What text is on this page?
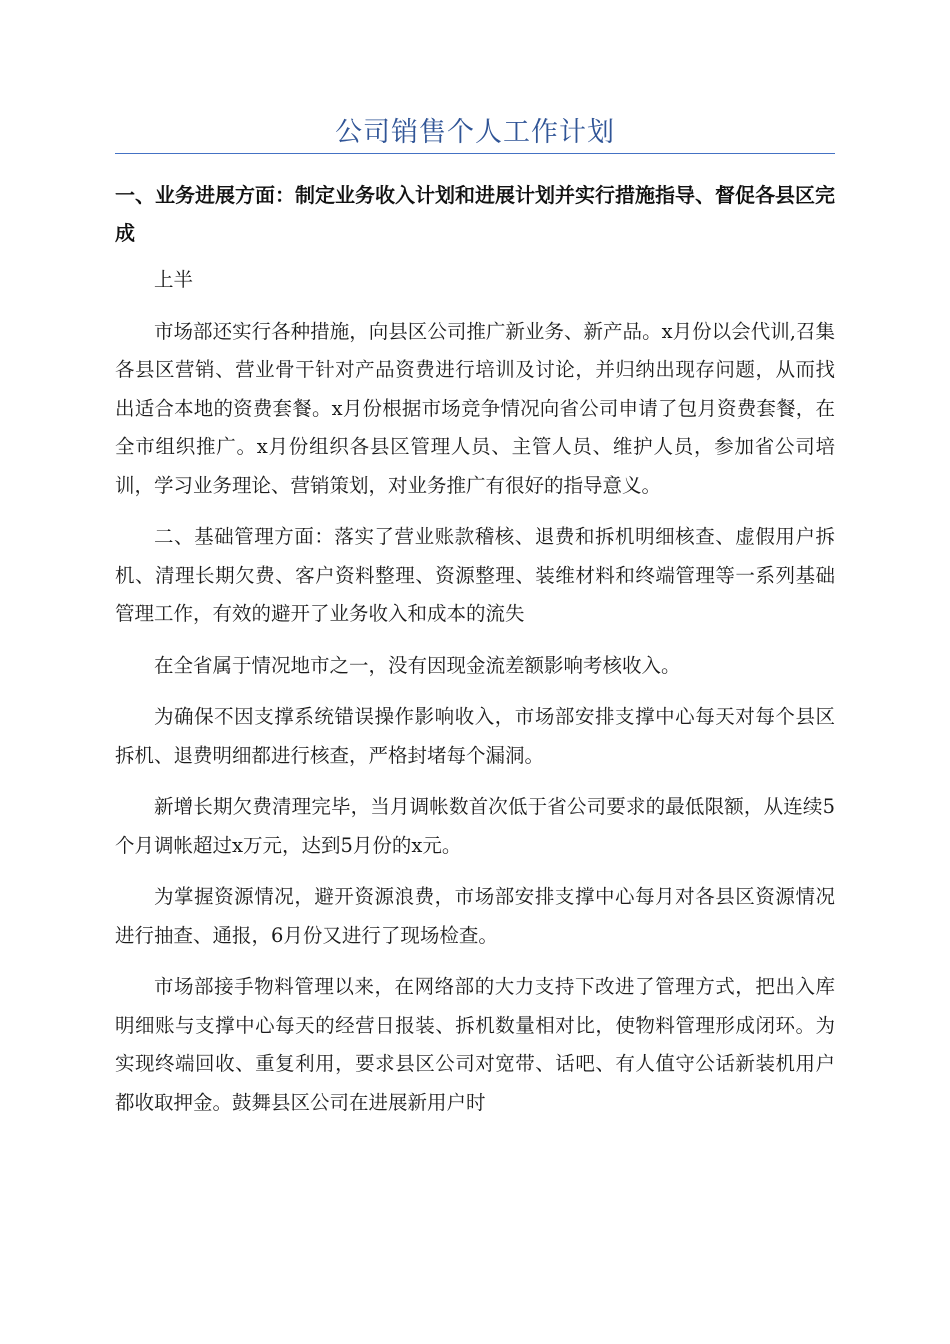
公司销售个人工作计划

一、业务进展方面：制定业务收入计划和进展计划并实行措施指导、督促各县区完成

上半

市场部还实行各种措施，向县区公司推广新业务、新产品。x月份以会代训,召集各县区营销、营业骨干针对产品资费进行培训及讨论，并归纳出现存问题，从而找出适合本地的资费套餐。x月份根据市场竞争情况向省公司申请了包月资费套餐，在全市组织推广。x月份组织各县区管理人员、主管人员、维护人员，参加省公司培训，学习业务理论、营销策划，对业务推广有很好的指导意义。

二、基础管理方面：落实了营业账款稽核、退费和拆机明细核查、虚假用户拆机、清理长期欠费、客户资料整理、资源整理、装维材料和终端管理等一系列基础管理工作，有效的避开了业务收入和成本的流失

在全省属于情况地市之一，没有因现金流差额影响考核收入。

为确保不因支撑系统错误操作影响收入，市场部安排支撑中心每天对每个县区拆机、退费明细都进行核查，严格封堵每个漏洞。

新增长期欠费清理完毕，当月调帐数首次低于省公司要求的最低限额，从连续5个月调帐超过x万元，达到5月份的x元。

为掌握资源情况，避开资源浪费，市场部安排支撑中心每月对各县区资源情况进行抽查、通报，6月份又进行了现场检查。

市场部接手物料管理以来，在网络部的大力支持下改进了管理方式，把出入库明细账与支撑中心每天的经营日报装、拆机数量相对比，使物料管理形成闭环。为实现终端回收、重复利用，要求县区公司对宽带、话吧、有人值守公话新装机用户都收取押金。鼓舞县区公司在进展新用户时
